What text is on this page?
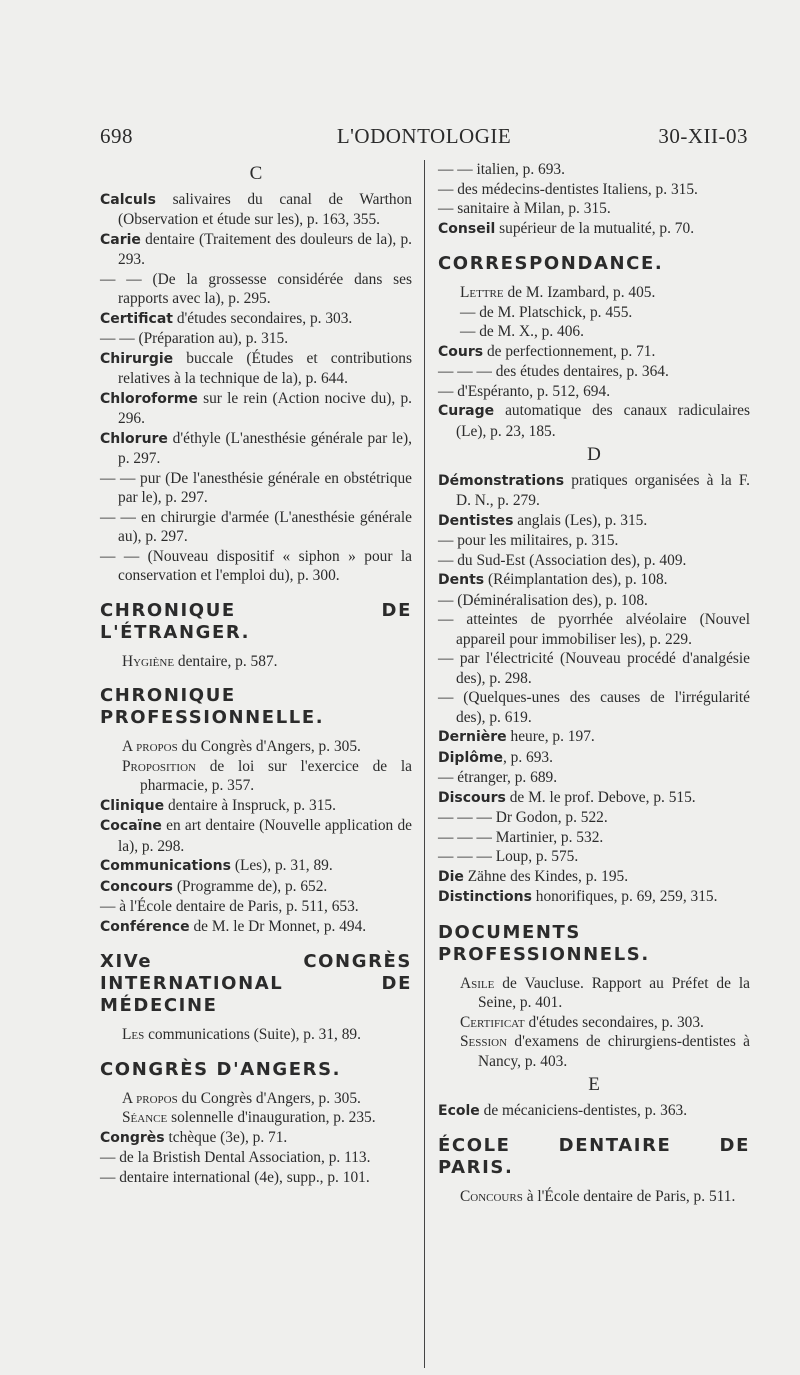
698	L'ODONTOLOGIE	30-XII-03
C
Calculs salivaires du canal de Warthon (Observation et étude sur les), p. 163, 355.
Carie dentaire (Traitement des douleurs de la), p. 293.
— — (De la grossesse considérée dans ses rapports avec la), p. 295.
Certificat d'études secondaires, p. 303.
— — (Préparation au), p. 315.
Chirurgie buccale (Études et contributions relatives à la technique de la), p. 644.
Chloroforme sur le rein (Action nocive du), p. 296.
Chlorure d'éthyle (L'anesthésie générale par le), p. 297.
— — pur (De l'anesthésie générale en obstétrique par le), p. 297.
— — en chirurgie d'armée (L'anesthésie générale au), p. 297.
— — (Nouveau dispositif « siphon » pour la conservation et l'emploi du), p. 300.
CHRONIQUE DE L'ÉTRANGER.
Hygiène dentaire, p. 587.
CHRONIQUE PROFESSIONNELLE.
A propos du Congrès d'Angers, p. 305.
Proposition de loi sur l'exercice de la pharmacie, p. 357.
Clinique dentaire à Inspruck, p. 315.
Cocaïne en art dentaire (Nouvelle application de la), p. 298.
Communications (Les), p. 31, 89.
Concours (Programme de), p. 652.
— à l'École dentaire de Paris, p. 511, 653.
Conférence de M. le Dr Monnet, p. 494.
XIVe CONGRÈS INTERNATIONAL DE MÉDECINE
Les communications (Suite), p. 31, 89.
CONGRÈS D'ANGERS.
A propos du Congrès d'Angers, p. 305.
Séance solennelle d'inauguration, p. 235.
Congrès tchèque (3e), p. 71.
— de la Bristish Dental Association, p. 113.
— dentaire international (4e), supp., p. 101.
— — italien, p. 693.
— des médecins-dentistes Italiens, p. 315.
— sanitaire à Milan, p. 315.
Conseil supérieur de la mutualité, p. 70.
CORRESPONDANCE.
Lettre de M. Izambard, p. 405.
— de M. Platschick, p. 455.
— de M. X., p. 406.
Cours de perfectionnement, p. 71.
— — — des études dentaires, p. 364.
— d'Espéranto, p. 512, 694.
Curage automatique des canaux radiculaires (Le), p. 23, 185.
D
Démonstrations pratiques organisées à la F. D. N., p. 279.
Dentistes anglais (Les), p. 315.
— pour les militaires, p. 315.
— du Sud-Est (Association des), p. 409.
Dents (Réimplantation des), p. 108.
— (Déminéralisation des), p. 108.
— atteintes de pyorrhée alvéolaire (Nouvel appareil pour immobiliser les), p. 229.
— par l'électricité (Nouveau procédé d'analgésie des), p. 298.
— (Quelques-unes des causes de l'irrégularité des), p. 619.
Dernière heure, p. 197.
Diplôme, p. 693.
— étranger, p. 689.
Discours de M. le prof. Debove, p. 515.
— — — Dr Godon, p. 522.
— — — Martinier, p. 532.
— — — Loup, p. 575.
Die Zähne des Kindes, p. 195.
Distinctions honorifiques, p. 69, 259, 315.
DOCUMENTS PROFESSIONNELS.
Asile de Vaucluse. Rapport au Préfet de la Seine, p. 401.
Certificat d'études secondaires, p. 303.
Session d'examens de chirurgiens-dentistes à Nancy, p. 403.
E
Ecole de mécaniciens-dentistes, p. 363.
ÉCOLE DENTAIRE DE PARIS.
Concours à l'École dentaire de Paris, p. 511.
